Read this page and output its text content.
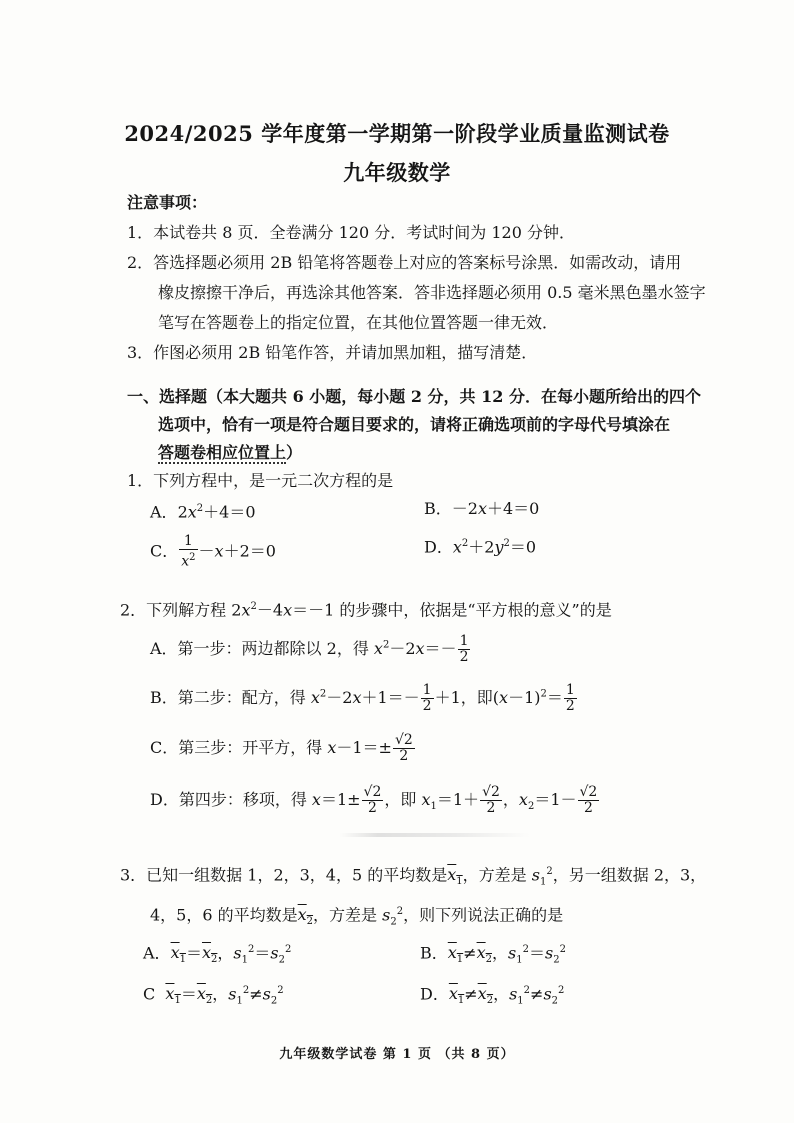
2024/2025 学年度第一学期第一阶段学业质量监测试卷
九年级数学
注意事项：
1．本试卷共 8 页．全卷满分 120 分．考试时间为 120 分钟．
2．答选择题必须用 2B 铅笔将答题卷上对应的答案标号涂黑．如需改动，请用
橡皮擦擦干净后，再选涂其他答案．答非选择题必须用 0.5 毫米黑色墨水签字
笔写在答题卷上的指定位置，在其他位置答题一律无效．
3．作图必须用 2B 铅笔作答，并请加黑加粗，描写清楚．
一、选择题（本大题共 6 小题，每小题 2 分，共 12 分．在每小题所给出的四个
选项中，恰有一项是符合题目要求的，请将正确选项前的字母代号填涂在
答题卷相应位置上）
1．下列方程中，是一元二次方程的是
A．$2x^2+4=0$	B．－2x＋4＝0
C． $\frac{1}{x^2} -x+2=0$	D．$x^2+2y^2=0$
2．下列解方程 $2x^2-4x=-1$ 的步骤中，依据是“平方根的意义”的是
A．第一步：两边都除以 2，得 $x^2-2x=- \frac{1}{2}$
B．第二步：配方，得 $x^2-2x+1=- \frac{1}{2} +1$，即$(x-1)^2= \frac{1}{2}$
C．第三步：开平方，得 $x-1=\pm \frac{√2}{2}$
D．第四步：移项，得 $x=1\pm \frac{√2}{2}$ ，即 $x_1=1+ \frac{√2}{2}$ ，$x_2=1- \frac{√2}{2}$
3．已知一组数据 1，2，3，4，5 的平均数是$x_1$，方差是 $s_1^2$，另一组数据 2，3，
4，5，6 的平均数是$x_2$，方差是 $s_2^2$，则下列说法正确的是
A．$x_1=x_2$，$s_1^2=s_2^2$	B．$x_1\ne x_2$，$s_1^2=s_2^2$
C $x_1=x_2$，$s_1^2\ne s_2^2$	D．$x_1\ne x_2$，$s_1^2\ne s_2^2$
九年级数学试卷 第 1 页 （共 8 页）
